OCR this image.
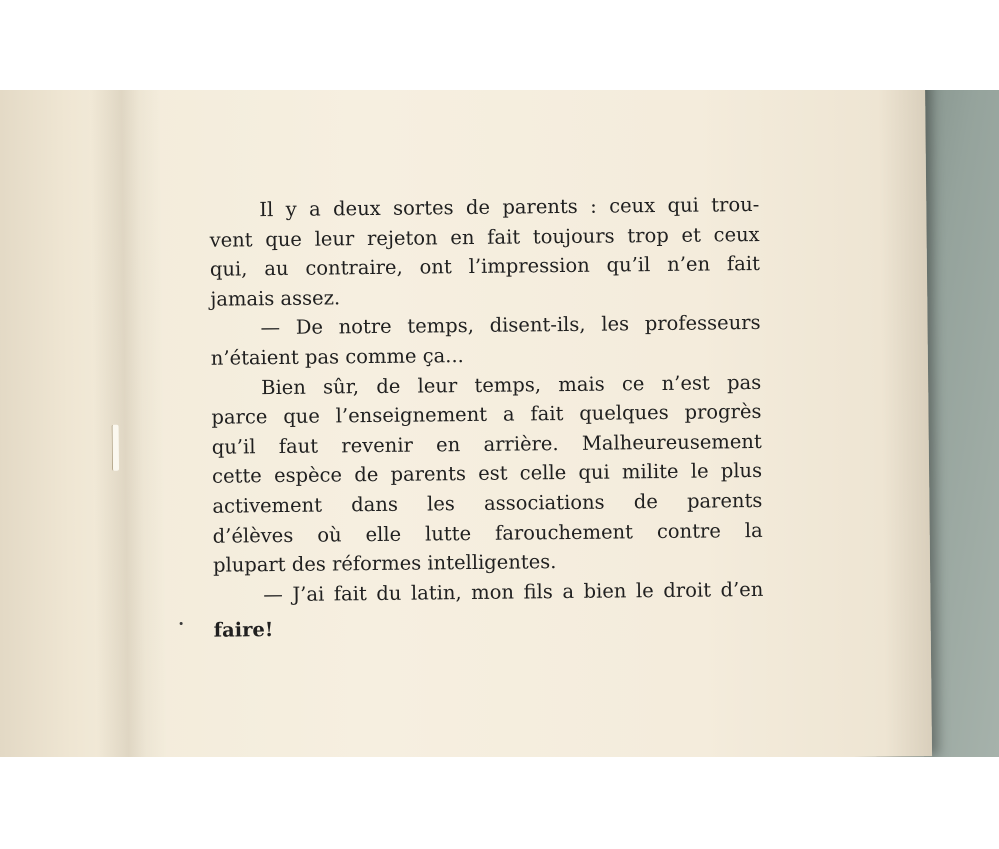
Il y a deux sortes de parents : ceux qui trou-
vent que leur rejeton en fait toujours trop et ceux
qui, au contraire, ont l’impression qu’il n’en fait
jamais assez.
— De notre temps, disent-ils, les professeurs
n’étaient pas comme ça...
Bien sûr, de leur temps, mais ce n’est pas
parce que l’enseignement a fait quelques progrès
qu’il faut revenir en arrière. Malheureusement
cette espèce de parents est celle qui milite le plus
activement dans les associations de parents
d’élèves où elle lutte farouchement contre la
plupart des réformes intelligentes.
— J’ai fait du latin, mon fils a bien le droit d’en
faire!
